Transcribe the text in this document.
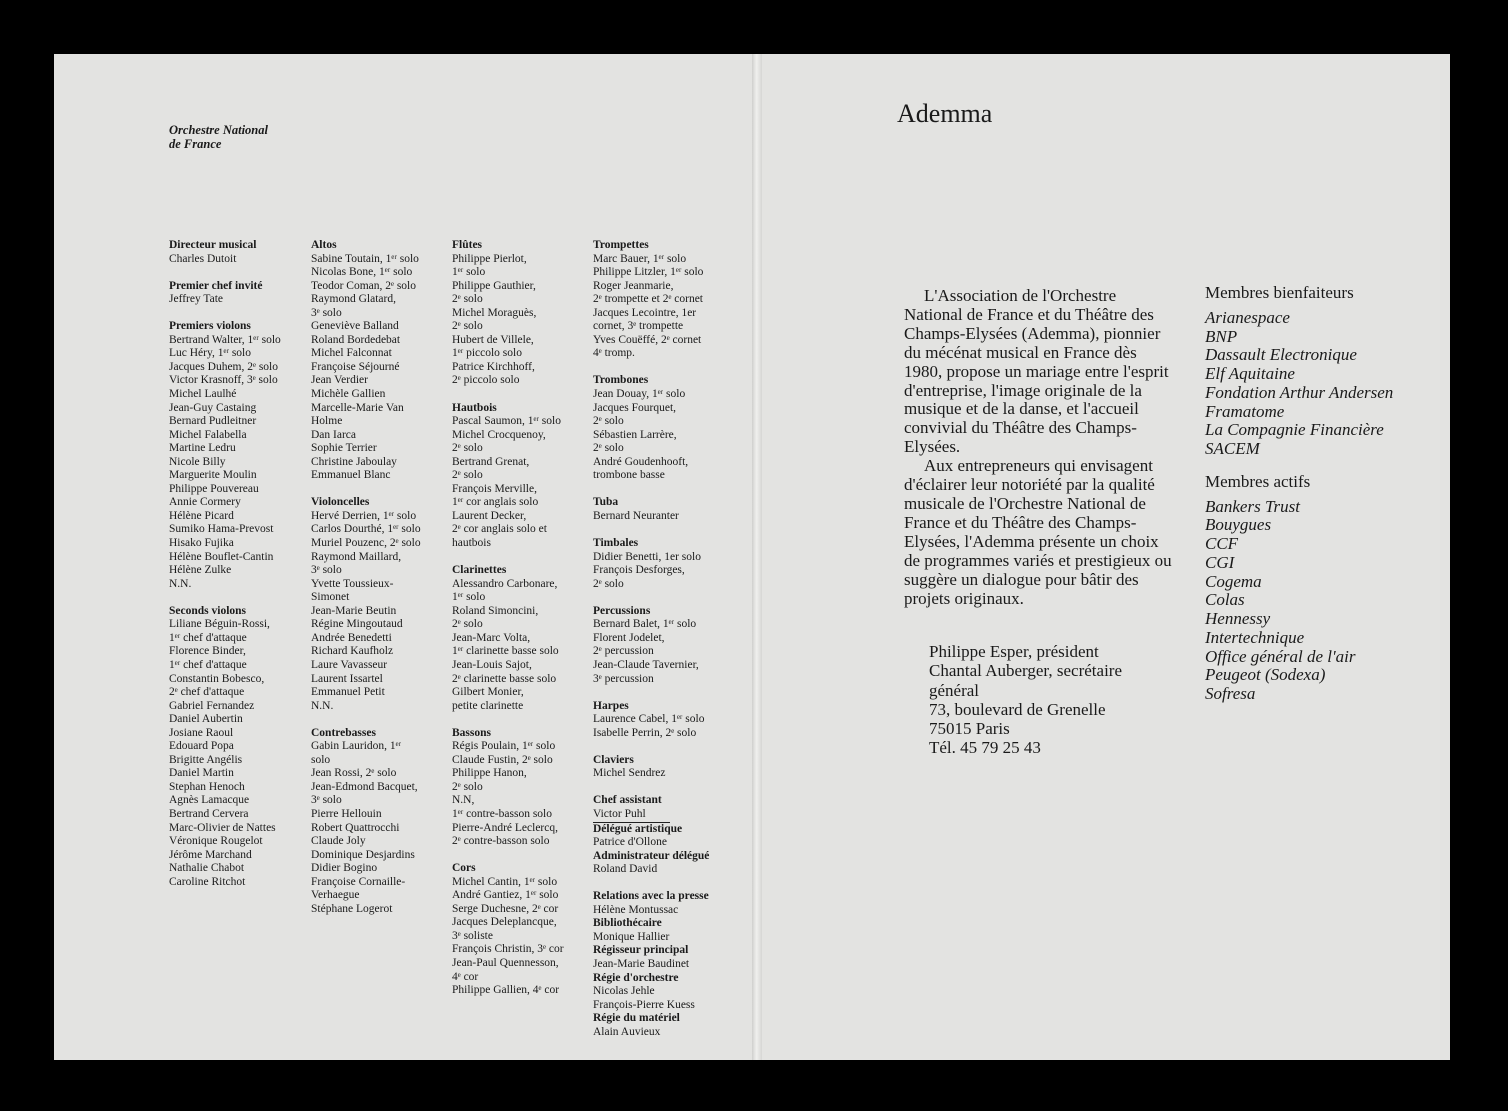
Orchestre National
de France
Directeur musical
Charles Dutoit
Premier chef invité
Jeffrey Tate
Premiers violons
Bertrand Walter, 1ᵉʳ solo
Luc Héry, 1ᵉʳ solo
Jacques Duhem, 2ᵉ solo
Victor Krasnoff, 3ᵉ solo
Michel Laulhé
Jean-Guy Castaing
Bernard Pudleitner
Michel Falabella
Martine Ledru
Nicole Billy
Marguerite Moulin
Philippe Pouvereau
Annie Cormery
Hélène Picard
Sumiko Hama-Prevost
Hisako Fujika
Hélène Bouflet-Cantin
Hélène Zulke
N.N.
Seconds violons
Liliane Béguin-Rossi,
1ᵉʳ chef d'attaque
Florence Binder,
1ᵉʳ chef d'attaque
Constantin Bobesco,
2ᵉ chef d'attaque
Gabriel Fernandez
Daniel Aubertin
Josiane Raoul
Edouard Popa
Brigitte Angélis
Daniel Martin
Stephan Henoch
Agnès Lamacque
Bertrand Cervera
Marc-Olivier de Nattes
Véronique Rougelot
Jérôme Marchand
Nathalie Chabot
Caroline Ritchot
Altos
Sabine Toutain, 1ᵉʳ solo
Nicolas Bone, 1ᵉʳ solo
Teodor Coman, 2ᵉ solo
Raymond Glatard,
3ᵉ solo
Geneviève Balland
Roland Bordedebat
Michel Falconnat
Françoise Séjourné
Jean Verdier
Michèle Gallien
Marcelle-Marie Van
Holme
Dan Iarca
Sophie Terrier
Christine Jaboulay
Emmanuel Blanc
Violoncelles
Hervé Derrien, 1ᵉʳ solo
Carlos Dourthé, 1ᵉʳ solo
Muriel Pouzenc, 2ᵉ solo
Raymond Maillard,
3ᵉ solo
Yvette Toussieux-
Simonet
Jean-Marie Beutin
Régine Mingoutaud
Andrée Benedetti
Richard Kaufholz
Laure Vavasseur
Laurent Issartel
Emmanuel Petit
N.N.
Contrebasses
Gabin Lauridon, 1ᵉʳ
solo
Jean Rossi, 2ᵉ solo
Jean-Edmond Bacquet,
3ᵉ solo
Pierre Hellouin
Robert Quattrocchi
Claude Joly
Dominique Desjardins
Didier Bogino
Françoise Cornaille-
Verhaegue
Stéphane Logerot
Flûtes
Philippe Pierlot,
1ᵉʳ solo
Philippe Gauthier,
2ᵉ solo
Michel Moraguès,
2ᵉ solo
Hubert de Villele,
1ᵉʳ piccolo solo
Patrice Kirchhoff,
2ᵉ piccolo solo
Hautbois
Pascal Saumon, 1ᵉʳ solo
Michel Crocquenoy,
2ᵉ solo
Bertrand Grenat,
2ᵉ solo
François Merville,
1ᵉʳ cor anglais solo
Laurent Decker,
2ᵉ cor anglais solo et
hautbois
Clarinettes
Alessandro Carbonare,
1ᵉʳ solo
Roland Simoncini,
2ᵉ solo
Jean-Marc Volta,
1ᵉʳ clarinette basse solo
Jean-Louis Sajot,
2ᵉ clarinette basse solo
Gilbert Monier,
petite clarinette
Bassons
Régis Poulain, 1ᵉʳ solo
Claude Fustin, 2ᵉ solo
Philippe Hanon,
2ᵉ solo
N.N,
1ᵉʳ contre-basson solo
Pierre-André Leclercq,
2ᵉ contre-basson solo
Cors
Michel Cantin, 1ᵉʳ solo
André Gantiez, 1ᵉʳ solo
Serge Duchesne, 2ᵉ cor
Jacques Deleplancque,
3ᵉ soliste
François Christin, 3ᵉ cor
Jean-Paul Quennesson,
4ᵉ cor
Philippe Gallien, 4ᵉ cor
Trompettes
Marc Bauer, 1ᵉʳ solo
Philippe Litzler, 1ᵉʳ solo
Roger Jeanmarie,
2ᵉ trompette et 2ᵉ cornet
Jacques Lecointre, 1er
cornet, 3ᵉ trompette
Yves Couëffé, 2ᵉ cornet
4ᵉ tromp.
Trombones
Jean Douay, 1ᵉʳ solo
Jacques Fourquet,
2ᵉ solo
Sébastien Larrère,
2ᵉ solo
André Goudenhooft,
trombone basse
Tuba
Bernard Neuranter
Timbales
Didier Benetti, 1er solo
François Desforges,
2ᵉ solo
Percussions
Bernard Balet, 1ᵉʳ solo
Florent Jodelet,
2ᵉ percussion
Jean-Claude Tavernier,
3ᵉ percussion
Harpes
Laurence Cabel, 1ᵉʳ solo
Isabelle Perrin, 2ᵉ solo
Claviers
Michel Sendrez
Chef assistant
Victor Puhl
Délégué artistique
Patrice d'Ollone
Administrateur délégué
Roland David
Relations avec la presse
Hélène Montussac
Bibliothécaire
Monique Hallier
Régisseur principal
Jean-Marie Baudinet
Régie d'orchestre
Nicolas Jehle
François-Pierre Kuess
Régie du matériel
Alain Auvieux
Ademma

L'Association de l'Orchestre National de France et du Théâtre des Champs-Elysées (Ademma), pionnier du mécénat musical en France dès 1980, propose un mariage entre l'esprit d'entreprise, l'image originale de la musique et de la danse, et l'accueil convivial du Théâtre des Champs-Elysées.

Aux entrepreneurs qui envisagent d'éclairer leur notoriété par la qualité musicale de l'Orchestre National de France et du Théâtre des Champs-Elysées, l'Ademma présente un choix de programmes variés et prestigieux ou suggère un dialogue pour bâtir des projets originaux.

Philippe Esper, président
Chantal Auberger, secrétaire général
73, boulevard de Grenelle
75015 Paris
Tél. 45 79 25 43
Membres bienfaiteurs
Arianespace
BNP
Dassault Electronique
Elf Aquitaine
Fondation Arthur Andersen
Framatome
La Compagnie Financière
SACEM
Membres actifs
Bankers Trust
Bouygues
CCF
CGI
Cogema
Colas
Hennessy
Intertechnique
Office général de l'air
Peugeot (Sodexa)
Sofresa
